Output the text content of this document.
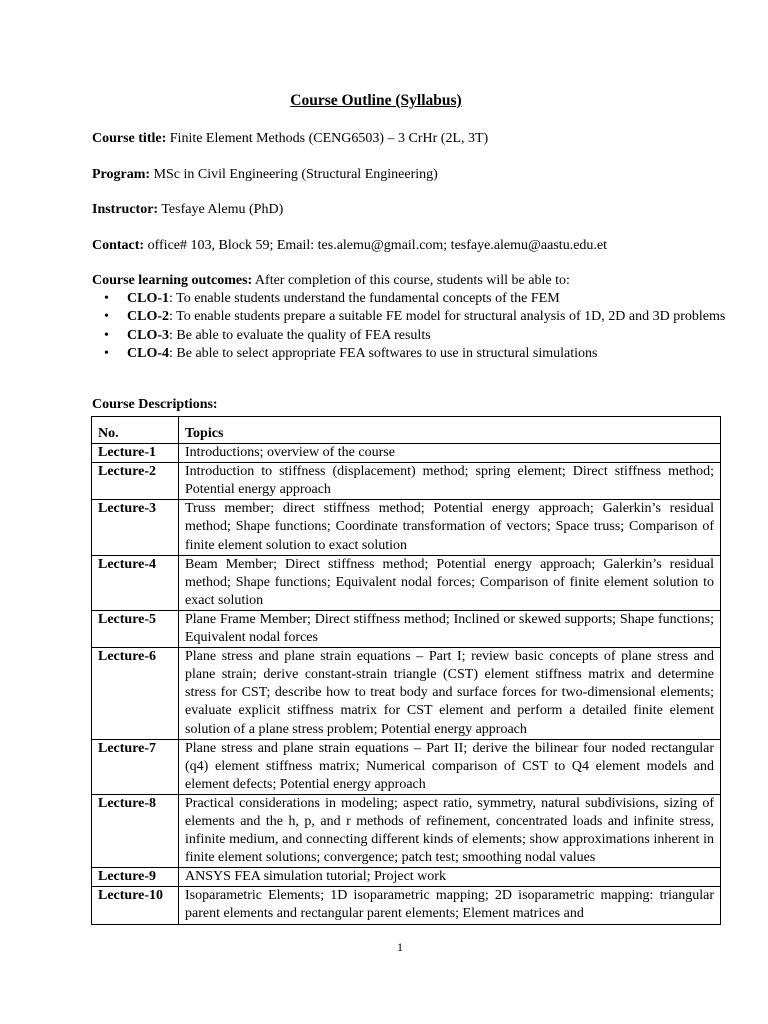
Course Outline (Syllabus)
Course title: Finite Element Methods (CENG6503) – 3 CrHr (2L, 3T)
Program: MSc in Civil Engineering (Structural Engineering)
Instructor: Tesfaye Alemu (PhD)
Contact: office# 103, Block 59; Email: tes.alemu@gmail.com; tesfaye.alemu@aastu.edu.et
Course learning outcomes: After completion of this course, students will be able to:
• CLO-1: To enable students understand the fundamental concepts of the FEM
• CLO-2: To enable students prepare a suitable FE model for structural analysis of 1D, 2D and 3D problems
• CLO-3: Be able to evaluate the quality of FEA results
• CLO-4: Be able to select appropriate FEA softwares to use in structural simulations
Course Descriptions:
No.	Topics
Lecture-1	Introductions; overview of the course
Lecture-2	Introduction to stiffness (displacement) method; spring element; Direct stiffness method; Potential energy approach
Lecture-3	Truss member; direct stiffness method; Potential energy approach; Galerkin’s residual method; Shape functions; Coordinate transformation of vectors; Space truss; Comparison of finite element solution to exact solution
Lecture-4	Beam Member; Direct stiffness method; Potential energy approach; Galerkin’s residual method; Shape functions; Equivalent nodal forces; Comparison of finite element solution to exact solution
Lecture-5	Plane Frame Member; Direct stiffness method; Inclined or skewed supports; Shape functions; Equivalent nodal forces
Lecture-6	Plane stress and plane strain equations – Part I; review basic concepts of plane stress and plane strain; derive constant-strain triangle (CST) element stiffness matrix and determine stress for CST; describe how to treat body and surface forces for two-dimensional elements; evaluate explicit stiffness matrix for CST element and perform a detailed finite element solution of a plane stress problem; Potential energy approach
Lecture-7	Plane stress and plane strain equations – Part II; derive the bilinear four noded rectangular (q4) element stiffness matrix; Numerical comparison of CST to Q4 element models and element defects; Potential energy approach
Lecture-8	Practical considerations in modeling; aspect ratio, symmetry, natural subdivisions, sizing of elements and the h, p, and r methods of refinement, concentrated loads and infinite stress, infinite medium, and connecting different kinds of elements; show approximations inherent in finite element solutions; convergence; patch test; smoothing nodal values
Lecture-9	ANSYS FEA simulation tutorial; Project work
Lecture-10	Isoparametric Elements; 1D isoparametric mapping; 2D isoparametric mapping: triangular parent elements and rectangular parent elements; Element matrices and
1
